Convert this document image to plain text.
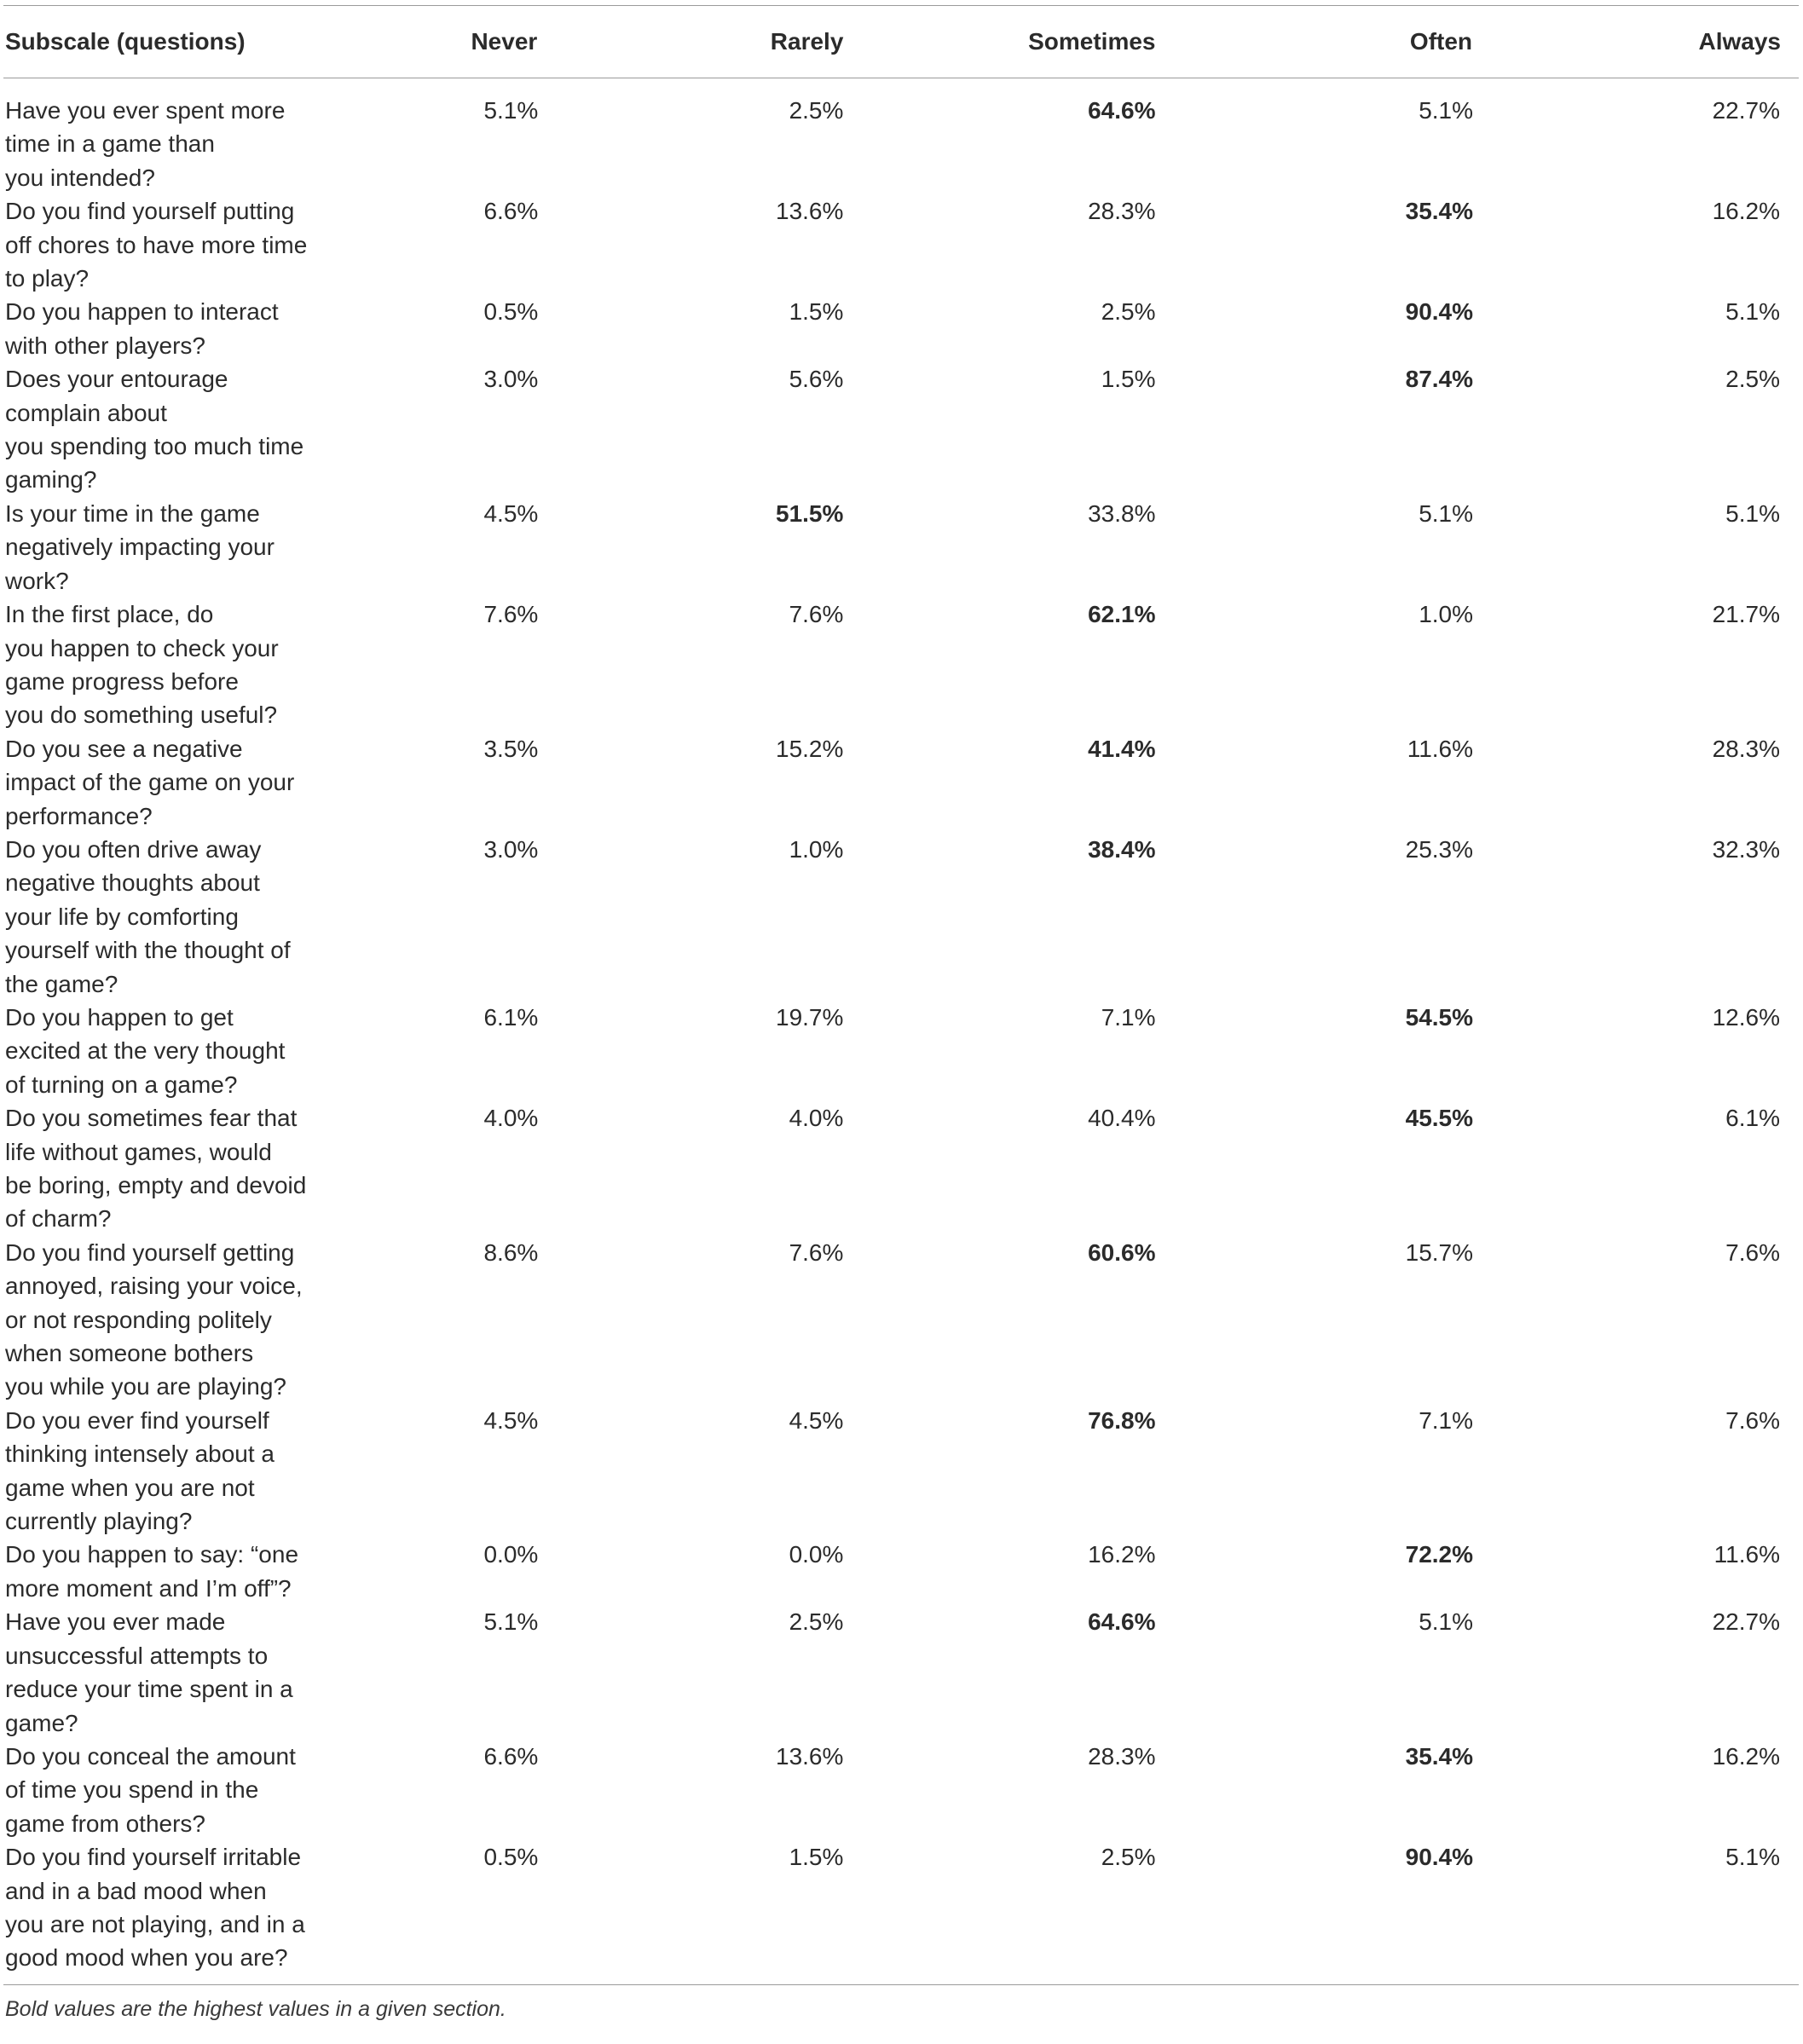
Subscale (questions)	Never	Rarely	Sometimes	Often	Always
Have you ever spent more
time in a game than
you intended?	5.1%	2.5%	64.6%	5.1%	22.7%
Do you find yourself putting
off chores to have more time
to play?	6.6%	13.6%	28.3%	35.4%	16.2%
Do you happen to interact
with other players?	0.5%	1.5%	2.5%	90.4%	5.1%
Does your entourage
complain about
you spending too much time
gaming?	3.0%	5.6%	1.5%	87.4%	2.5%
Is your time in the game
negatively impacting your
work?	4.5%	51.5%	33.8%	5.1%	5.1%
In the first place, do
you happen to check your
game progress before
you do something useful?	7.6%	7.6%	62.1%	1.0%	21.7%
Do you see a negative
impact of the game on your
performance?	3.5%	15.2%	41.4%	11.6%	28.3%
Do you often drive away
negative thoughts about
your life by comforting
yourself with the thought of
the game?	3.0%	1.0%	38.4%	25.3%	32.3%
Do you happen to get
excited at the very thought
of turning on a game?	6.1%	19.7%	7.1%	54.5%	12.6%
Do you sometimes fear that
life without games, would
be boring, empty and devoid
of charm?	4.0%	4.0%	40.4%	45.5%	6.1%
Do you find yourself getting
annoyed, raising your voice,
or not responding politely
when someone bothers
you while you are playing?	8.6%	7.6%	60.6%	15.7%	7.6%
Do you ever find yourself
thinking intensely about a
game when you are not
currently playing?	4.5%	4.5%	76.8%	7.1%	7.6%
Do you happen to say: “one
more moment and I’m off”?	0.0%	0.0%	16.2%	72.2%	11.6%
Have you ever made
unsuccessful attempts to
reduce your time spent in a
game?	5.1%	2.5%	64.6%	5.1%	22.7%
Do you conceal the amount
of time you spend in the
game from others?	6.6%	13.6%	28.3%	35.4%	16.2%
Do you find yourself irritable
and in a bad mood when
you are not playing, and in a
good mood when you are?	0.5%	1.5%	2.5%	90.4%	5.1%
Bold values are the highest values in a given section.
